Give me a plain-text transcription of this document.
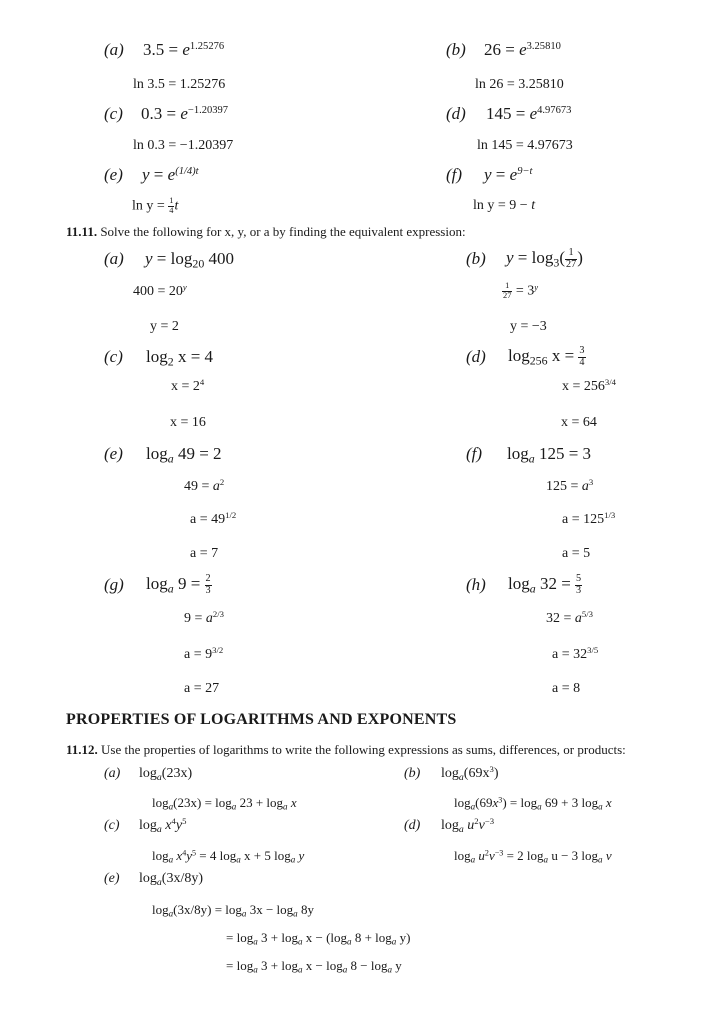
(a) $3.5 = e^{1.25276}$
ln 3.5 = 1.25276
(b) $26 = e^{3.25810}$
ln 26 = 3.25810
(c) $0.3 = e^{-1.20397}$
ln 0.3 = −1.20397
(d) $145 = e^{4.97673}$
ln 145 = 4.97673
(e) $y = e^{(1/4)t}$
$\ln y = \frac{1}{4}$ t
(f) $y = e^{9-t}$
ln y = 9 − t
11.11. Solve the following for x, y, or a by finding the equivalent expression:
(a) $y = \log_{20} 400$
$400 = 20^y$
y = 2
(b) $y = \log_3( \frac{1}{27}$ )
$\frac{1}{27} = 3^y$
y = −3
(c) $\log_2 x = 4$
$x = 2^4$
x = 16
(d) $\log_{256} x = \frac{3}{4}$
$x = 256^{3/4}$
x = 64
(e) $\log_a 49 = 2$
$49 = a^2$
$a = 49^{1/2}$
a = 7
(f) $\log_a 125 = 3$
$125 = a^3$
$a = 125^{1/3}$
a = 5
(g) $\log_a 9 = \frac{2}{3}$
$9 = a^{2/3}$
$a = 9^{3/2}$
a = 27
(h) $\log_a 32 = \frac{5}{3}$
$32 = a^{5/3}$
$a = 32^{3/5}$
a = 8
PROPERTIES OF LOGARITHMS AND EXPONENTS
11.12. Use the properties of logarithms to write the following expressions as sums, differences, or products:
(a) $\log_a(23x)$
$\log_a(23x) = \log_a 23 + \log_a x$
(b) $\log_a(69x^3)$
$\log_a(69x^3) = \log_a 69 + 3$ $\log_a x$
(c) $\log_a x^4y^5$
$\log_a x^4y^5 = 4$ $\log_a x + 5$ $\log_a y$
(d) $\log_a u^2v^{-3}$
$\log_a u^2v^{-3} = 2$ $\log_a u - 3$ $\log_a v$
(e) $\log_a(3x/8y)$
$\log_a(3x/8y) = \log_a 3x - \log_a 8y$
= $\log_a 3 + \log_a x - (\log_a$ $8 + \log_a y$)
= $\log_a 3 + \log_a x - \log_a 8 - \log_a y$
